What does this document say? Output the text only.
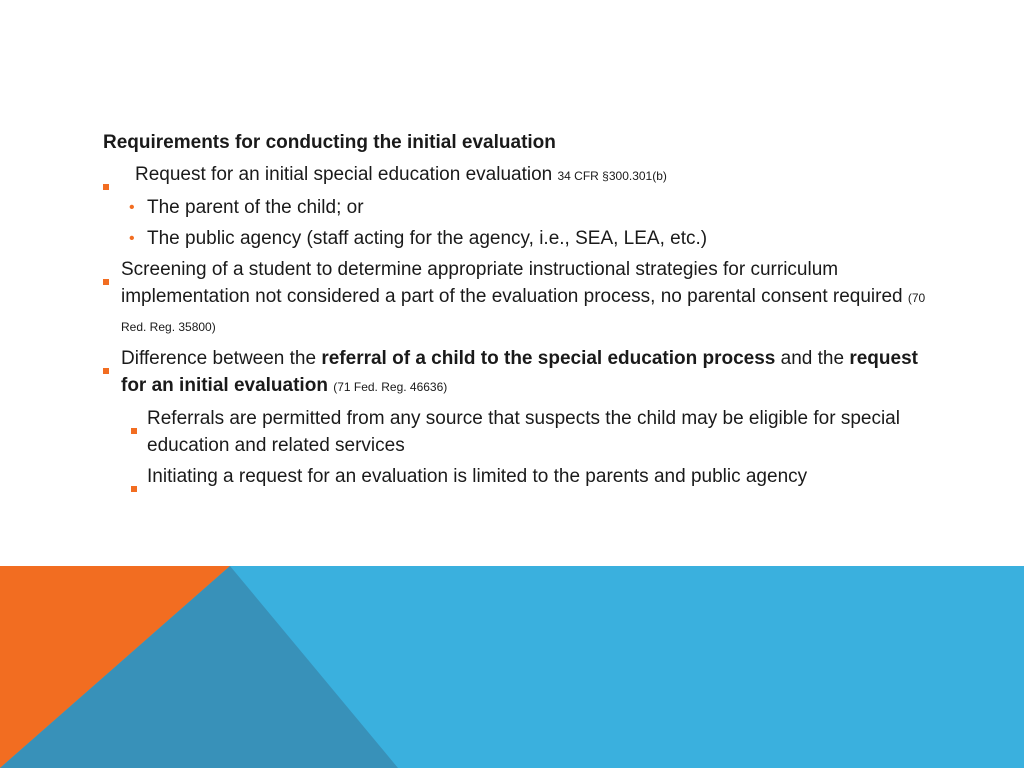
Requirements for conducting the initial evaluation
Request for an initial special education evaluation 34 CFR §300.301(b)
• The parent of the child; or
• The public agency (staff acting for the agency, i.e., SEA, LEA, etc.)
Screening of a student to determine appropriate instructional strategies for curriculum implementation not considered a part of the evaluation process, no parental consent required (70 Red. Reg. 35800)
Difference between the referral of a child to the special education process and the request for an initial evaluation (71 Fed. Reg. 46636)
Referrals are permitted from any source that suspects the child may be eligible for special education and related services
Initiating a request for an evaluation is limited to the parents and public agency
